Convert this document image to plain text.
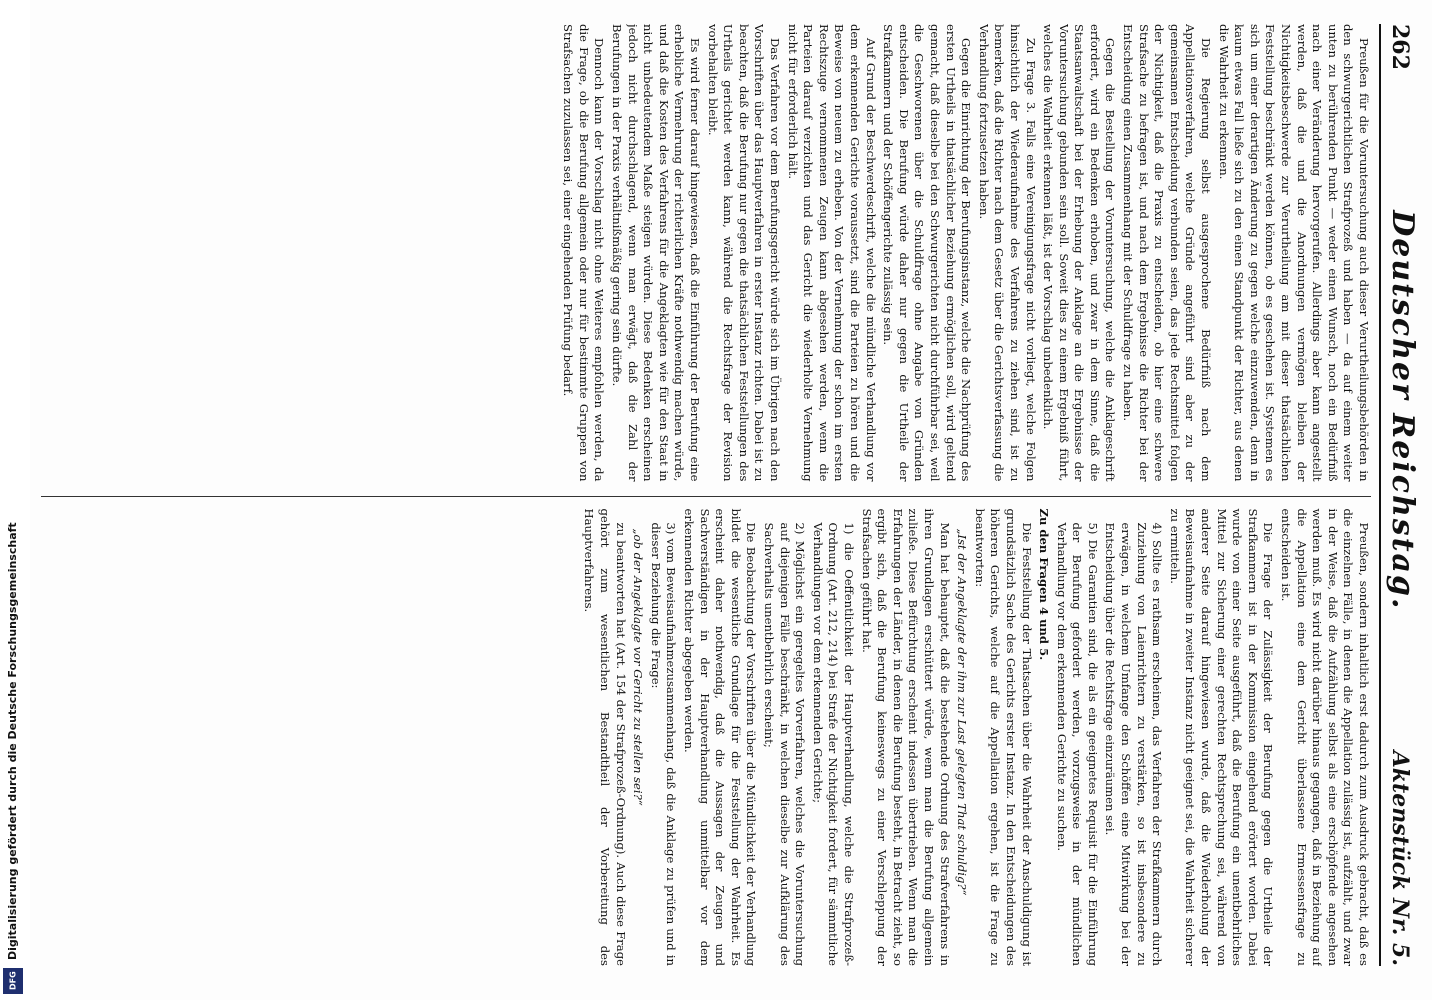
Digitalisierung gefördert durch die Deutsche Forschungsgemeinschaft
DFG
262
Deutscher Reichstag.
Aktenstück Nr. 5.

Preußen für die Voruntersuchung auch dieser Verurtheilungsbehörden in den schwurgerichtlichen Strafprozeß und haben — da auf einem weiter unten zu berührenden Punkt — weder einen Wunsch, noch ein Bedürfniß nach einer Veränderung hervorgerufen. Allerdings aber kann angestellt werden, daß die und die Anordnungen vermögen bleiben der Nichtigkeitsbeschwerde zur Verurtheilung am mit dieser thatsächlichen Feststellung beschränkt werden können, ob es geschehen ist. Systemen es sich um einer derartigen Änderung zu gegen welche einzuwenden, denn in kaum etwas Fall ließe sich zu den einen Standpunkt der Richter, aus denen die Wahrheit zu erkennen.

Die Regierung selbst ausgesprochene Bedürfniß nach dem Appellationsverfahren, welche Gründe angeführt sind aber zu der gemeinsamen Entscheidung verbunden seien, das jede Rechtsmittel folgen der Nichtigkeit, daß die Praxis zu entscheiden, ob hier eine schwere Strafsache zu befragen ist, und nach dem Ergebnisse die Richter bei der Entscheidung einen Zusammenhang mit der Schuldfrage zu haben.

Gegen die Bestellung der Voruntersuchung, welche die Anklageschrift erfordert, wird ein Bedenken erhoben, und zwar in dem Sinne, daß die Staatsanwaltschaft bei der Erhebung der Anklage an die Ergebnisse der Voruntersuchung gebunden sein soll. Soweit dies zu einem Ergebniß führt, welches die Wahrheit erkennen läßt, ist der Vorschlag unbedenklich.

Zu Frage 3. Falls eine Vereinigungsfrage nicht vorliegt, welche Folgen hinsichtlich der Wiederaufnahme des Verfahrens zu ziehen sind, ist zu bemerken, daß die Richter nach dem Gesetz über die Gerichtsverfassung die Verhandlung fortzusetzen haben.

Gegen die Einrichtung der Berufungsinstanz, welche die Nachprüfung des ersten Urtheils in thatsächlicher Beziehung ermöglichen soll, wird geltend gemacht, daß dieselbe bei den Schwurgerichten nicht durchführbar sei, weil die Geschworenen über die Schuldfrage ohne Angabe von Gründen entscheiden. Die Berufung würde daher nur gegen die Urtheile der Strafkammern und der Schöffengerichte zulässig sein.

Auf Grund der Beschwerdeschrift, welche die mündliche Verhandlung vor dem erkennenden Gerichte voraussetzt, sind die Parteien zu hören und die Beweise von neuem zu erheben. Von der Vernehmung der schon im ersten Rechtszuge vernommenen Zeugen kann abgesehen werden, wenn die Parteien darauf verzichten und das Gericht die wiederholte Vernehmung nicht für erforderlich hält.

Das Verfahren vor dem Berufungsgericht würde sich im Übrigen nach den Vorschriften über das Hauptverfahren in erster Instanz richten. Dabei ist zu beachten, daß die Berufung nur gegen die thatsächlichen Feststellungen des Urtheils gerichtet werden kann, während die Rechtsfrage der Revision vorbehalten bleibt.

Es wird ferner darauf hingewiesen, daß die Einführung der Berufung eine erhebliche Vermehrung der richterlichen Kräfte nothwendig machen würde, und daß die Kosten des Verfahrens für die Angeklagten wie für den Staat in nicht unbedeutendem Maße steigen würden. Diese Bedenken erscheinen jedoch nicht durchschlagend, wenn man erwägt, daß die Zahl der Berufungen in der Praxis verhältnißmäßig gering sein dürfte.

Dennoch kann der Vorschlag nicht ohne Weiteres empfohlen werden, da die Frage, ob die Berufung allgemein oder nur für bestimmte Gruppen von Strafsachen zuzulassen sei, einer eingehenden Prüfung bedarf.

Preußen, sondern inhaltlich erst dadurch zum Ausdruck gebracht, daß es die einzelnen Fälle, in denen die Appellation zulässig ist, aufzählt, und zwar in der Weise, daß die Aufzählung selbst als eine erschöpfende angesehen werden muß. Es wird nicht darüber hinaus gegangen, daß in Beziehung auf die Appellation eine dem Gericht überlassene Ermessensfrage zu entscheiden ist.

Die Frage der Zulässigkeit der Berufung gegen die Urtheile der Strafkammern ist in der Kommission eingehend erörtert worden. Dabei wurde von einer Seite ausgeführt, daß die Berufung ein unentbehrliches Mittel zur Sicherung einer gerechten Rechtsprechung sei, während von anderer Seite darauf hingewiesen wurde, daß die Wiederholung der Beweisaufnahme in zweiter Instanz nicht geeignet sei, die Wahrheit sicherer zu ermitteln.

4) Sollte es rathsam erscheinen, das Verfahren der Strafkammern durch Zuziehung von Laienrichtern zu verstärken, so ist insbesondere zu erwägen, in welchem Umfange den Schöffen eine Mitwirkung bei der Entscheidung über die Rechtsfrage einzuräumen sei.

5) Die Garantien sind, die als ein geeignetes Requisit für die Einführung der Berufung gefordert werden, vorzugsweise in der mündlichen Verhandlung vor dem erkennenden Gerichte zu suchen.

Zu den Fragen 4 und 5.

Die Feststellung der Thatsachen über die Wahrheit der Anschuldigung ist grundsätzlich Sache des Gerichts erster Instanz. In den Entscheidungen des höheren Gerichts, welche auf die Appellation ergehen, ist die Frage zu beantworten:

„Ist der Angeklagte der ihm zur Last gelegten That schuldig?“

Man hat behauptet, daß die bestehende Ordnung des Strafverfahrens in ihren Grundlagen erschüttert würde, wenn man die Berufung allgemein zuließe. Diese Befürchtung erscheint indessen übertrieben. Wenn man die Erfahrungen der Länder, in denen die Berufung besteht, in Betracht zieht, so ergibt sich, daß die Berufung keineswegs zu einer Verschleppung der Strafsachen geführt hat.

1) die Oeffentlichkeit der Hauptverhandlung, welche die Strafprozeß-Ordnung (Art. 212, 214) bei Strafe der Nichtigkeit fordert, für sämmtliche Verhandlungen vor dem erkennenden Gerichte;

2) Möglichst ein geregeltes Vorverfahren, welches die Voruntersuchung auf diejenigen Fälle beschränkt, in welchen dieselbe zur Aufklärung des Sachverhalts unentbehrlich erscheint;

Die Beobachtung der Vorschriften über die Mündlichkeit der Verhandlung bildet die wesentliche Grundlage für die Feststellung der Wahrheit. Es erscheint daher nothwendig, daß die Aussagen der Zeugen und Sachverständigen in der Hauptverhandlung unmittelbar vor dem erkennenden Richter abgegeben werden.

3) vom Beweisaufnahmezusammenhang, daß die Anklage zu prüfen und in dieser Beziehung die Frage:

„ob der Angeklagte vor Gericht zu stellen sei?“

zu beantworten hat (Art. 154 der Strafprozeß-Ordnung). Auch diese Frage gehört zum wesentlichen Bestandtheil der Vorbereitung des Hauptverfahrens.
